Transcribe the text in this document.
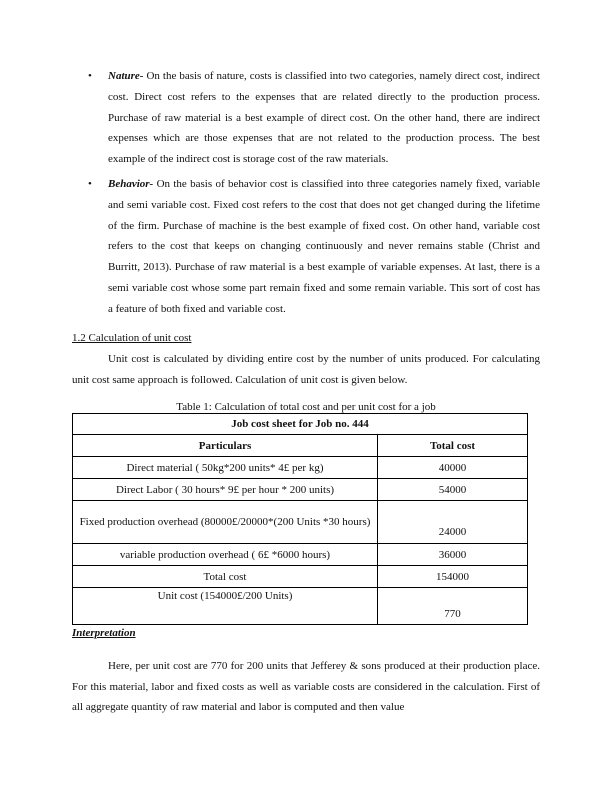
• Nature- On the basis of nature, costs is classified into two categories, namely direct cost, indirect cost. Direct cost refers to the expenses that are related directly to the production process. Purchase of raw material is a best example of direct cost. On the other hand, there are indirect expenses which are those expenses that are not related to the production process. The best example of the indirect cost is storage cost of the raw materials.
• Behavior- On the basis of behavior cost is classified into three categories namely fixed, variable and semi variable cost. Fixed cost refers to the cost that does not get changed during the lifetime of the firm. Purchase of machine is the best example of fixed cost. On other hand, variable cost refers to the cost that keeps on changing continuously and never remains stable (Christ and Burritt, 2013). Purchase of raw material is a best example of variable expenses. At last, there is a semi variable cost whose some part remain fixed and some remain variable. This sort of cost has a feature of both fixed and variable cost.
1.2 Calculation of unit cost

Unit cost is calculated by dividing entire cost by the number of units produced. For calculating unit cost same approach is followed. Calculation of unit cost is given below.

Table 1: Calculation of total cost and per unit cost for a job
Job cost sheet for Job no. 444	
Particulars	Total cost
Direct material ( 50kg*200 units* 4£ per kg)	40000
Direct Labor ( 30 hours* 9£ per hour * 200 units)	54000
Fixed production overhead (80000£/20000*(200 Units *30 hours)	24000
variable production overhead ( 6£ *6000 hours)	36000
Total cost	154000
Unit cost (154000£/200 Units)	770
Interpretation

Here, per unit cost are 770 for 200 units that Jefferey & sons produced at their production place. For this material, labor and fixed costs as well as variable costs are considered in the calculation. First of all aggregate quantity of raw material and labor is computed and then value
